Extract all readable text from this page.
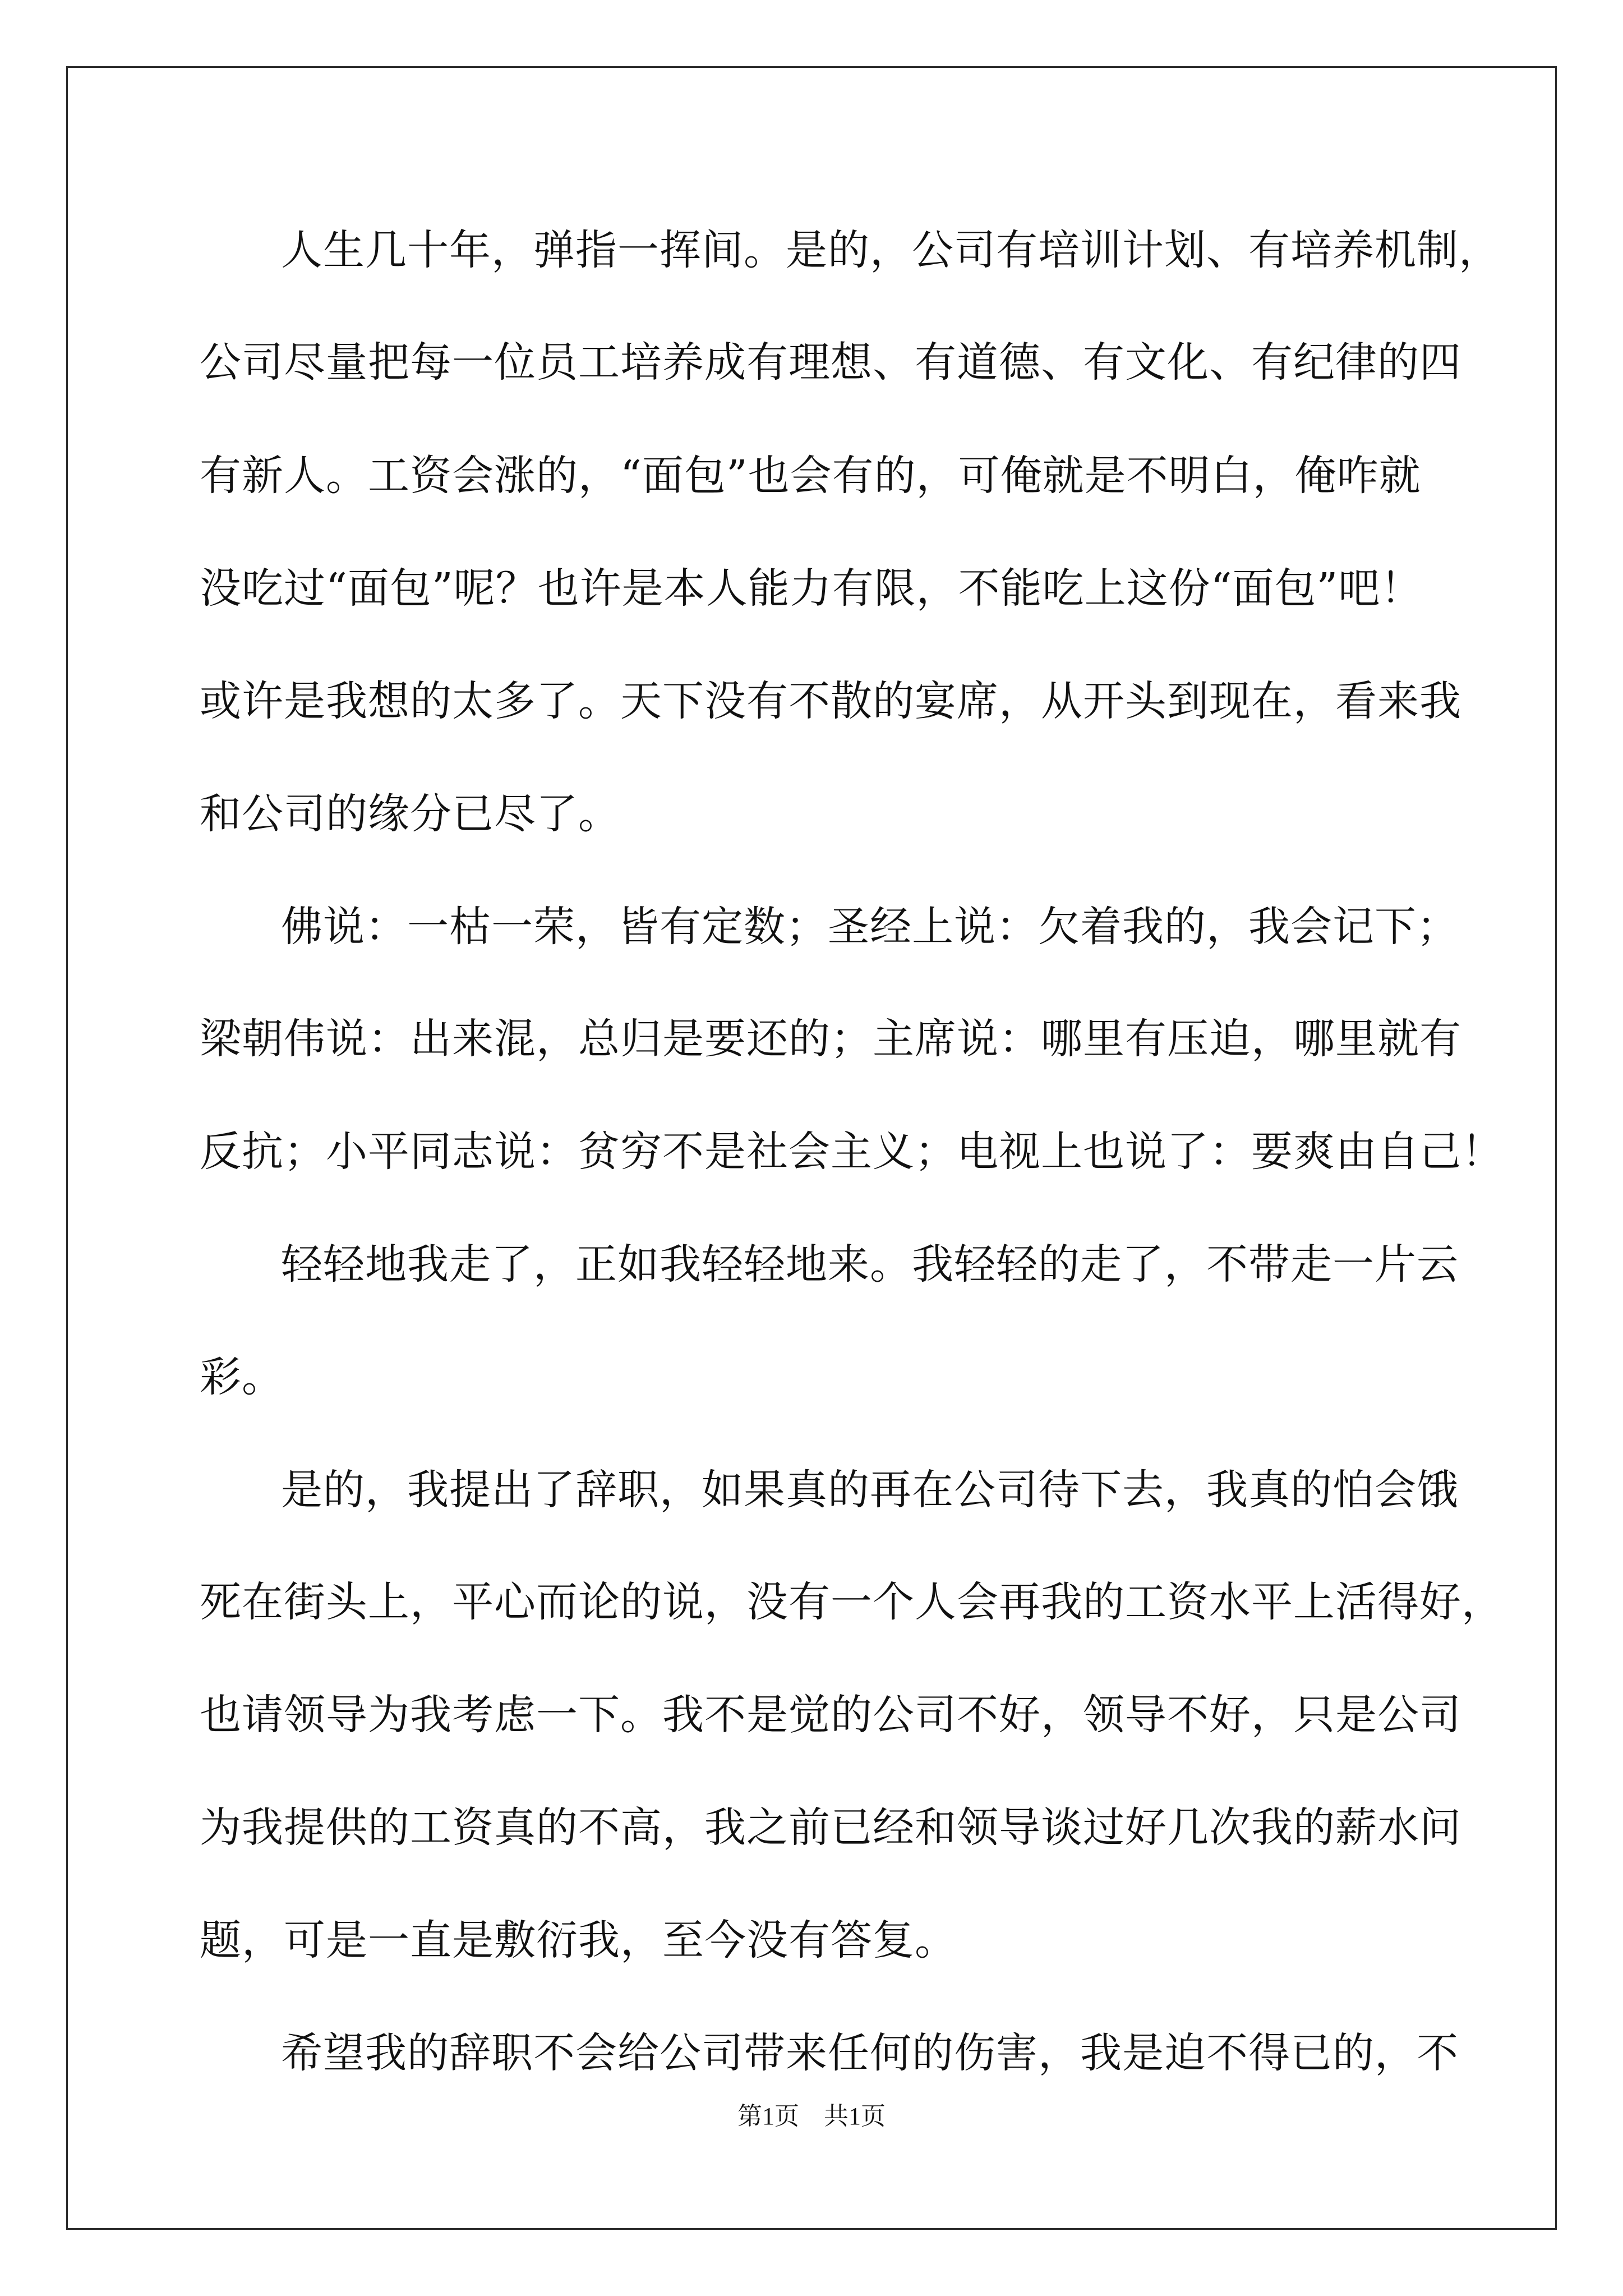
人生几十年，弹指一挥间。是的，公司有培训计划、有培养机制，
公司尽量把每一位员工培养成有理想、有道德、有文化、有纪律的四
有新人。工资会涨的，“面包”也会有的，可俺就是不明白，俺咋就
没吃过“面包”呢？也许是本人能力有限，不能吃上这份“面包”吧！
或许是我想的太多了。天下没有不散的宴席，从开头到现在，看来我
和公司的缘分已尽了。
佛说：一枯一荣，皆有定数；圣经上说：欠着我的，我会记下；
梁朝伟说：出来混，总归是要还的；主席说：哪里有压迫，哪里就有
反抗；小平同志说：贫穷不是社会主义；电视上也说了：要爽由自己！
轻轻地我走了，正如我轻轻地来。我轻轻的走了，不带走一片云
彩。
是的，我提出了辞职，如果真的再在公司待下去，我真的怕会饿
死在街头上，平心而论的说，没有一个人会再我的工资水平上活得好，
也请领导为我考虑一下。我不是觉的公司不好，领导不好，只是公司
为我提供的工资真的不高，我之前已经和领导谈过好几次我的薪水问
题，可是一直是敷衍我，至今没有答复。
希望我的辞职不会给公司带来任何的伤害，我是迫不得已的，不
第1页　共1页
